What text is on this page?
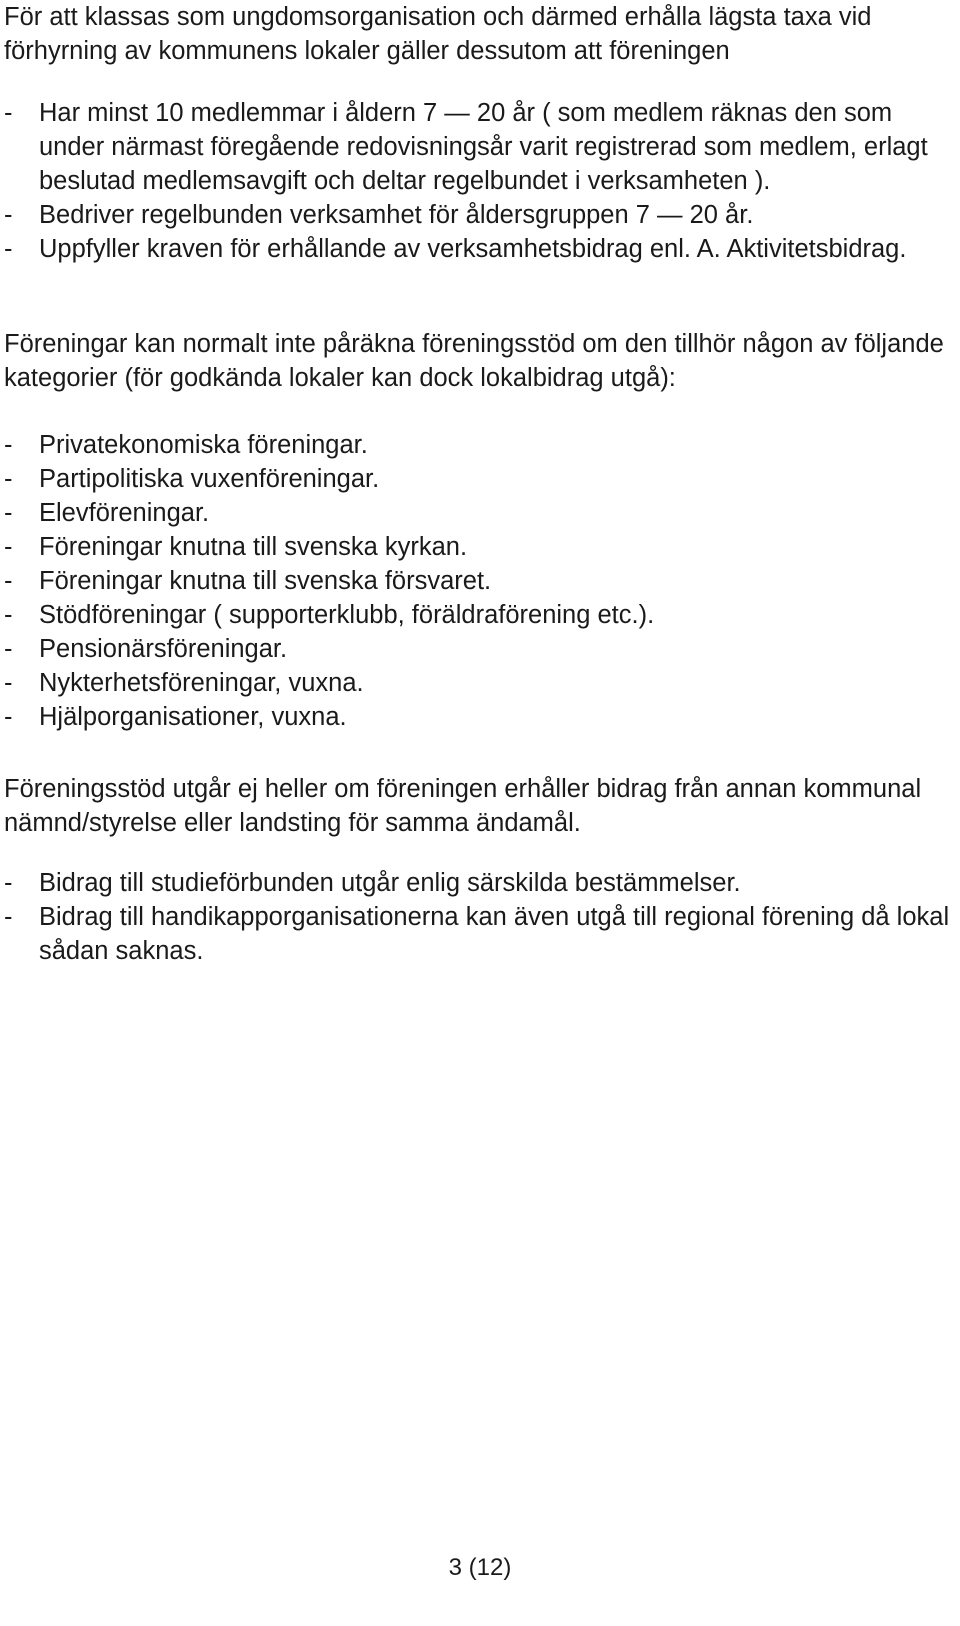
För att klassas som ungdomsorganisation och därmed erhålla lägsta taxa vid förhyrning av kommunens lokaler gäller dessutom att föreningen

-	Har minst 10 medlemmar i åldern 7 — 20 år ( som medlem räknas den som under närmast föregående redovisningsår varit registrerad som medlem, erlagt beslutad medlemsavgift och deltar regelbundet i verksamheten ).
-	Bedriver regelbunden verksamhet för åldersgruppen 7 — 20 år.
-	Uppfyller kraven för erhållande av verksamhetsbidrag enl. A. Aktivitetsbidrag.

Föreningar kan normalt inte påräkna föreningsstöd om den tillhör någon av följande kategorier (för godkända lokaler kan dock lokalbidrag utgå):

-	Privatekonomiska föreningar.
-	Partipolitiska vuxenföreningar.
-	Elevföreningar.
-	Föreningar knutna till svenska kyrkan.
-	Föreningar knutna till svenska försvaret.
-	Stödföreningar ( supporterklubb, föräldraförening etc.).
-	Pensionärsföreningar.
-	Nykterhetsföreningar, vuxna.
-	Hjälporganisationer, vuxna.

Föreningsstöd utgår ej heller om föreningen erhåller bidrag från annan kommunal nämnd/styrelse eller landsting för samma ändamål.

-	Bidrag till studieförbunden utgår enlig särskilda bestämmelser.
-	Bidrag till handikapporganisationerna kan även utgå till regional förening då lokal sådan saknas.
3 (12)
